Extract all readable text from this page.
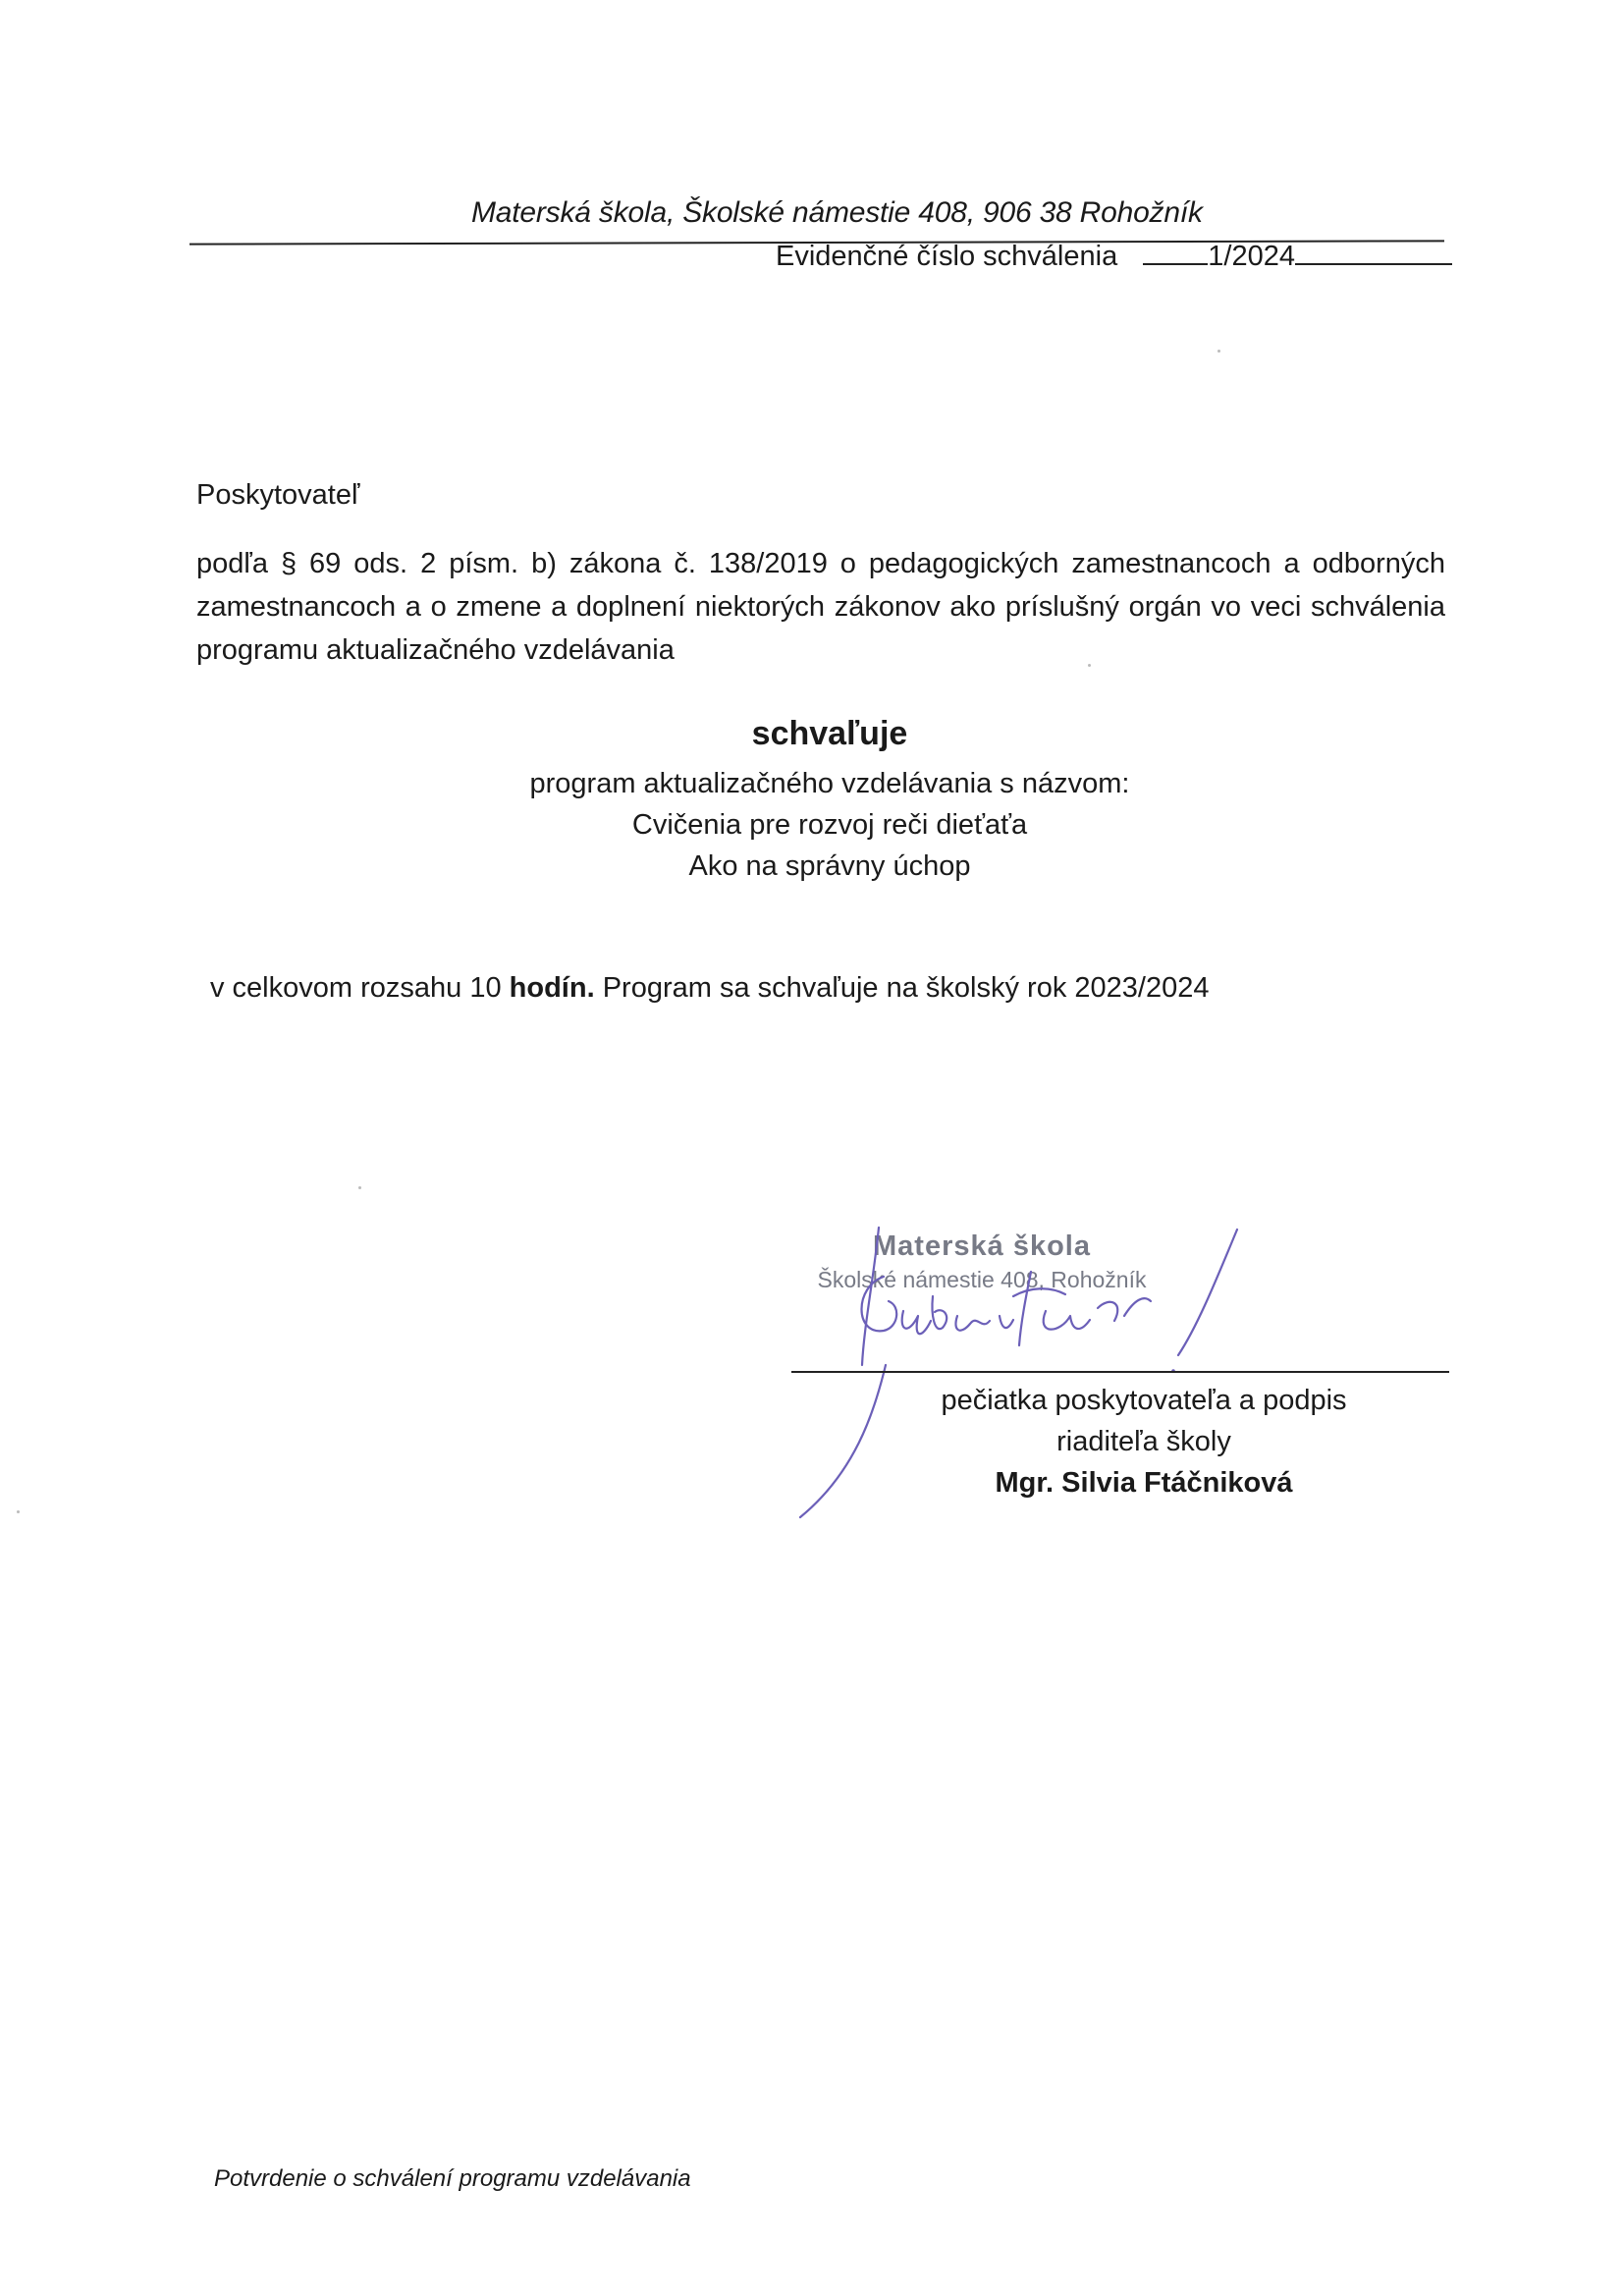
Materská škola, Školské námestie 408, 906 38 Rohožník
Evidenčné číslo schválenia	1/2024
Poskytovateľ
podľa § 69 ods. 2 písm. b) zákona č. 138/2019 o pedagogických zamestnancoch a odborných zamestnancoch a o zmene a doplnení niektorých zákonov ako príslušný orgán vo veci schválenia programu aktualizačného vzdelávania
schvaľuje
program aktualizačného vzdelávania s názvom:
Cvičenia pre rozvoj reči dieťaťa
Ako na správny úchop
v celkovom rozsahu 10 hodín. Program sa schvaľuje na školský rok 2023/2024
Materská škola
Školské námestie 408, Rohožník
pečiatka poskytovateľa a podpis
riaditeľa školy
Mgr. Silvia Ftáčniková
Potvrdenie o schválení programu vzdelávania
